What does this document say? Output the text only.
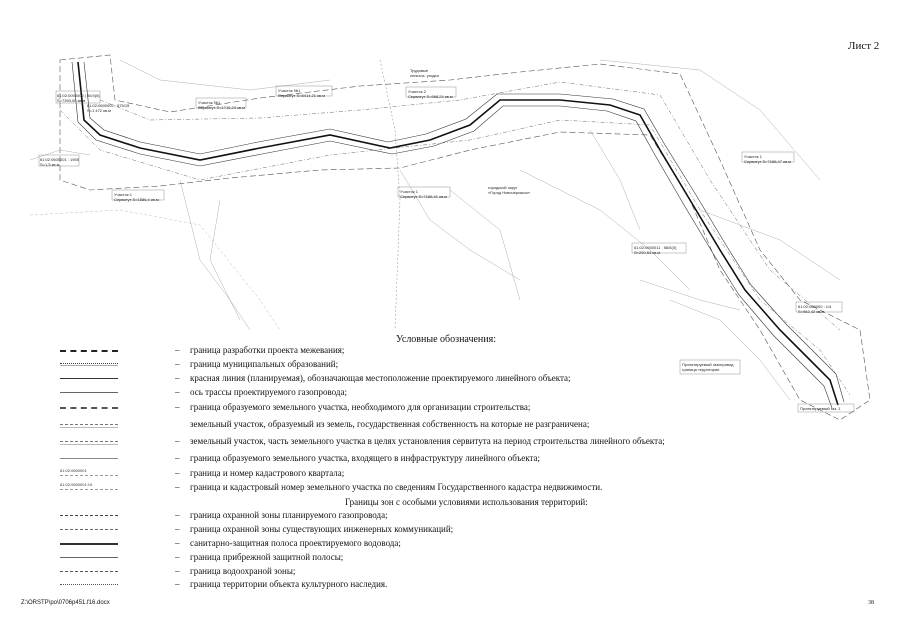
Лист 2
61:02:0600002 : 575/15
S=1 472 кв.м
61:02:0000000 | 50/4(5)
S=7393,00 кв.м
61:02:0600001 : 1955
S=1,5 кв.м
Участок №1
Сервитут S=1716,24 кв.м
Участок №1
Сервитут S=8414,21 кв.м
Трудовые
сельхоз. угодья
Участок 2
Сервитут S=968,24 кв.м
Участок 1
Сервитут S=1586,4 кв.м
Участок 1
Сервитут S=7186,41 кв.м
городской округ
«Город Новочеркасск»
Участок 1
Сервитут S=7186,47 кв.м
61:02:0600011 : 56/5(3)
S=290,54 кв.м
61:02:000000 : 1/4
S=962,42 кв.м
Проектируемый газопровод
граница территории
Проектируемый газ. 1
Условные обозначения:
– граница разработки проекта межевания;
– граница муниципальных образований;
– красная линия (планируемая), обозначающая местоположение проектируемого линейного объекта;
– ось трассы проектируемого газопровода;
– граница образуемого земельного участка, необходимого для организации строительства;
земельный участок, образуемый из земель, государственная собственность на которые не разграничена;
– земельный участок, часть земельного участка в целях установления сервитута на период строительства линейного объекта;
– граница образуемого земельного участка, входящего в инфраструктуру линейного объекта;
61:02:0600001	– граница и номер кадастрового квартала;
61:02:0600001:19	– граница и кадастровый номер земельного участка по сведениям Государственного кадастра недвижимости.
Границы зон с особыми условиями использования территорий:
– граница охранной зоны планируемого газопровода;
– граница охранной зоны существующих инженерных коммуникаций;
– санитарно-защитная полоса проектируемого водовода;
– граница прибрежной защитной полосы;
– граница водоохраной зоны;
– граница территории объекта культурного наследия.
Z:\ORSTP\po\0706p451.f16.docx	38
